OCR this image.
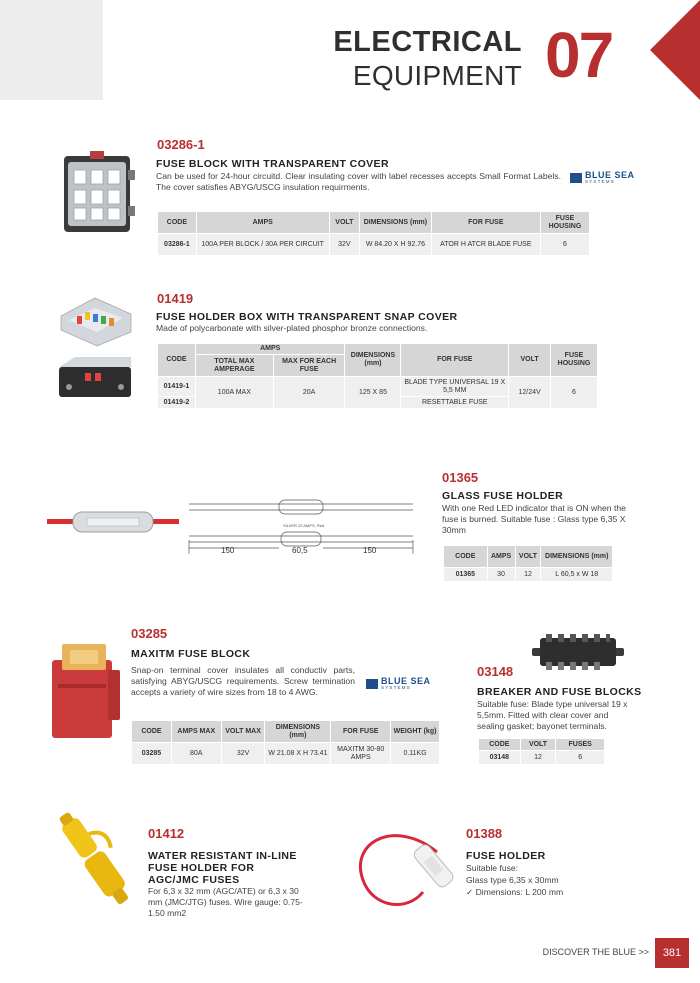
ELECTRICAL
EQUIPMENT 07
03286-1
FUSE BLOCK WITH TRANSPARENT COVER
Can be used for 24-hour circuitd. Clear insulating cover with label recesses accepts Small Format Labels. The cover satisfies ABYG/USCG insulation requirments.
BLUE SEA
SYSTEMS
CODE	AMPS	VOLT	DIMENSIONS (mm)	FOR FUSE	FUSE HOUSING
03286-1	100A PER BLOCK / 30A PER CIRCUIT	32V	W 84.20 X H 92.76	ATOR H ATCR BLADE FUSE	6
01419
FUSE HOLDER BOX WITH TRANSPARENT SNAP COVER
Made of polycarbonate with silver-plated phosphor bronze connections.
CODE	AMPS		DIMENSIONS (mm)	FOR FUSE	VOLT	FUSE HOUSING
	TOTAL MAX AMPERAGE	MAX FOR EACH FUSE				
01419-1	100A MAX	20A	125 X 85	BLADE TYPE UNIVERSAL 19 X 5,5 MM	12/24V	6
01419-2				RESETTABLE FUSE		
SILVER 20 AMPS. Red
150	60,5	150
01365
GLASS FUSE HOLDER
With one Red LED indicator that is ON when the fuse is burned. Suitable fuse : Glass type 6,35 X 30mm
CODE	AMPS	VOLT	DIMENSIONS (mm)
01365	30	12	L 60,5 x W 18
03285
MAXITM FUSE BLOCK
Snap-on terminal cover insulates all conductiv parts, satisfying ABYG/USCG requirements. Screw termination accepts a variety of wire sizes from 18 to 4 AWG.
BLUE SEA
SYSTEMS
CODE	AMPS MAX	VOLT MAX	DIMENSIONS (mm)	FOR FUSE	WEIGHT (kg)
03285	80A	32V	W 21.08 X H 73.41	MAXITM 30-80 AMPS	0.11KG
03148
BREAKER AND FUSE BLOCKS
Suitable fuse: Blade type universal 19 x 5,5mm. Fitted with clear cover and sealing gasket; bayonet terminals.
CODE	VOLT	FUSES
03148	12	6
01412
WATER RESISTANT IN-LINE
FUSE HOLDER FOR
AGC/JMC FUSES
For 6,3 x 32 mm (AGC/ATE) or 6,3 x 30 mm (JMC/JTG) fuses. Wire gauge: 0.75-1.50 mm2
01388
FUSE HOLDER
Suitable fuse:
Glass type 6,35 x 30mm
✓ Dimensions: L 200 mm
DISCOVER THE BLUE >>	381
